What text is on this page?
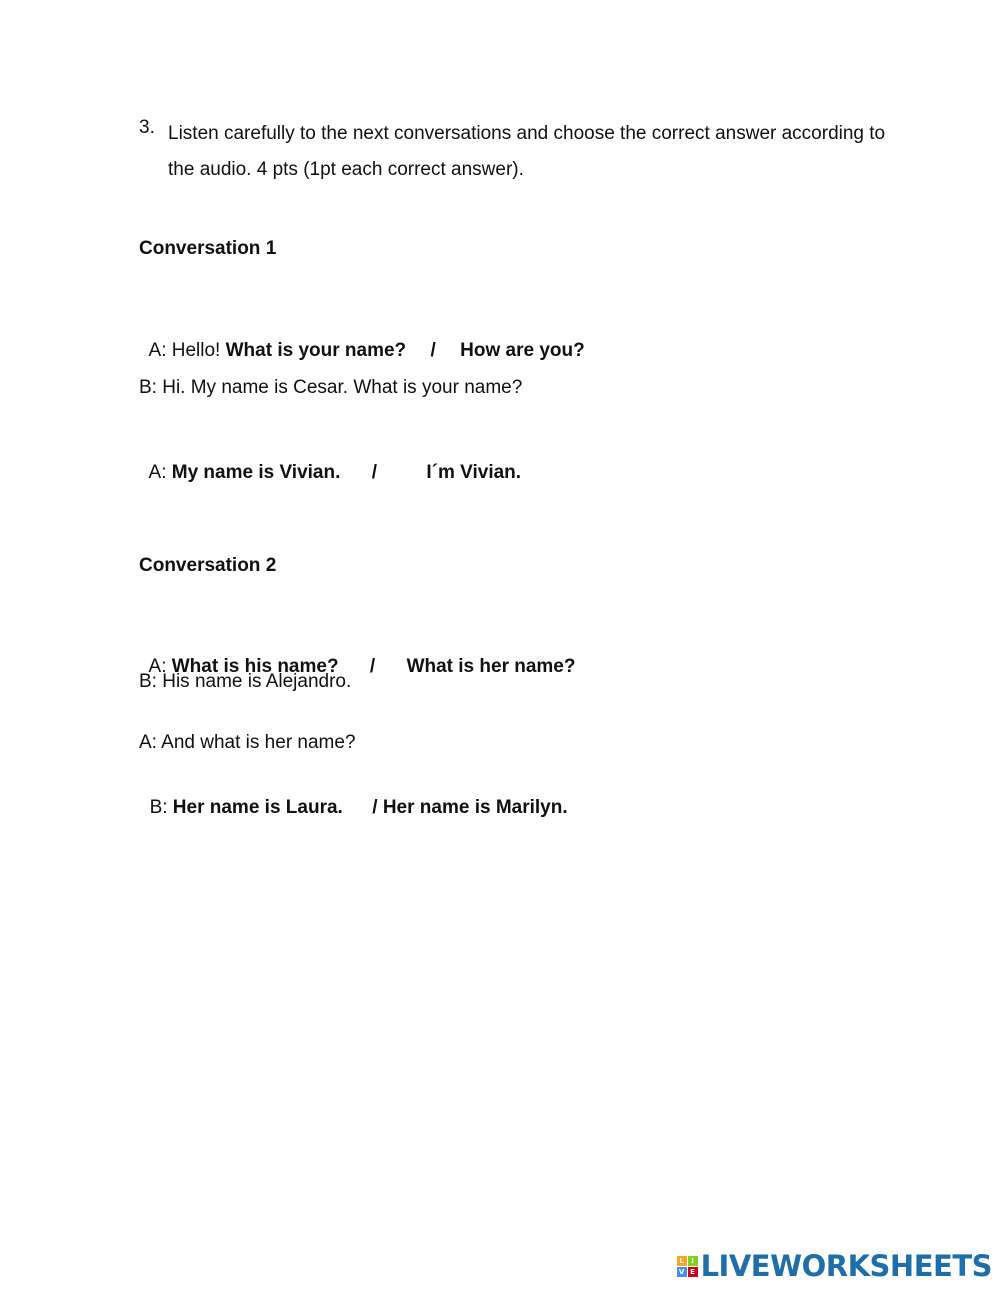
3. Listen carefully to the next conversations and choose the correct answer according to the audio. 4 pts (1pt each correct answer).
Conversation 1

A: Hello! What is your name? / How are you?

B: Hi. My name is Cesar. What is your name?

A: My name is Vivian. /	I´m Vivian.

Conversation 2

A: What is his name? / What is her name?

B: His name is Alejandro.
A: And what is her name?

B: Her name is Laura. / Her name is Marilyn.

L	I
V E LIVEWORKSHEETS
